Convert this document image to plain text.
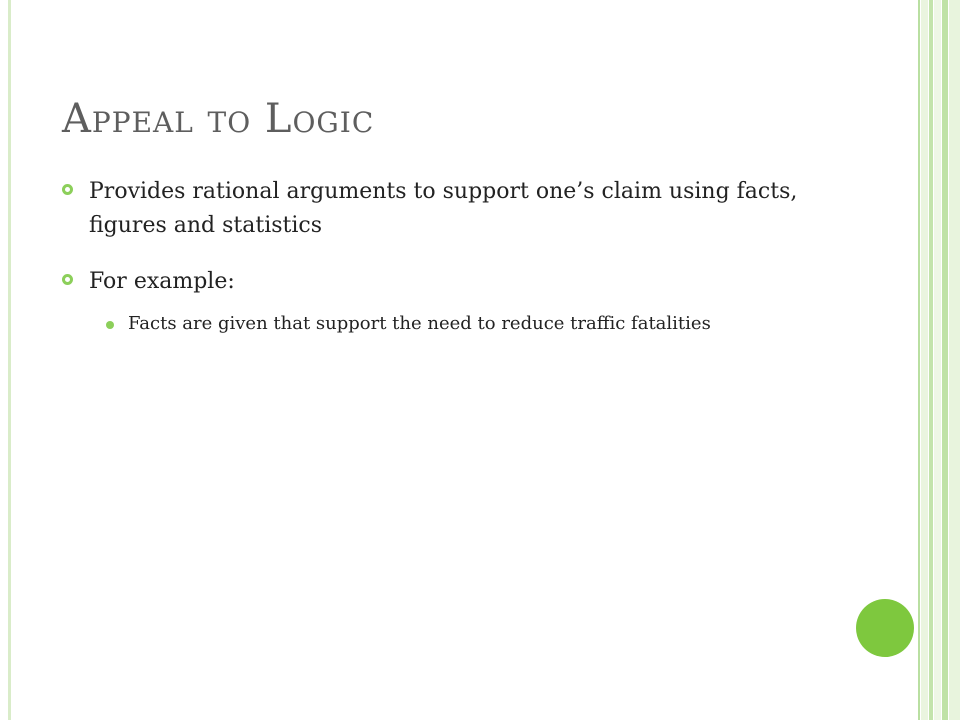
Appeal to Logic
Provides rational arguments to support one’s claim using facts, figures and statistics
For example:
Facts are given that support the need to reduce traffic fatalities
